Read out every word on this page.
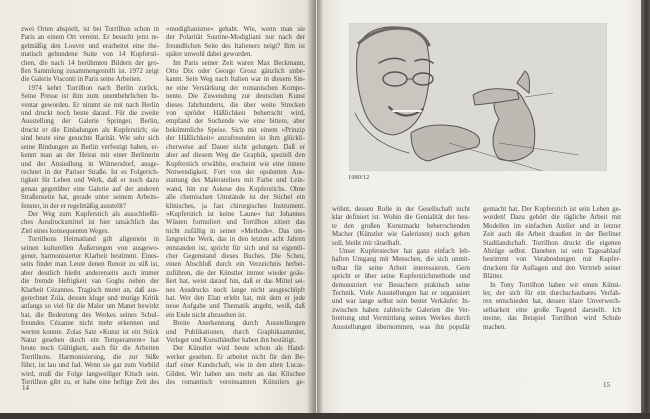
zwei Orten abspielt, ist bei Torrilhon schon in
Paris an einem Ort vereint. Er besucht jetzt re-
gelmäßig den Louvre und erarbeitet eine the-
matisch gebundene Suite von 14 Kupfersti-
chen, die nach 14 berühmten Bildern der gro-
ßen Sammlung zusammengestellt ist. 1972 zeigt
die Galerie Visconti in Paris seine Arbeiten.
1974 kehrt Torrilhon nach Berlin zurück.
Seine Presse ist ihm zum unentbehrlichen In-
ventar geworden. Er nimmt sie mit nach Berlin
und druckt noch heute darauf. Für die zweite
Ausstellung der Galerie Springer, Berlin,
druckt er die Einladungen als Kupferstich; sie
sind heute eine gesuchte Rarität. Wie sehr sich
seine Bindungen an Berlin verfestigt haben, er-
kennt man an der Heirat mit einer Berlinerin
und der Ansiedlung in Wilmersdorf, ausge-
rechnet in der Pariser Straße. Ist es Folgerich-
tigkeit für Leben und Werk, daß er noch dazu
genau gegenüber eine Galerie auf der anderen
Straßenseite hat, gerade unter seinem Arbeits-
fenster, in der er regelmäßig ausstellt?
Der Weg zum Kupferstich als ausschließli-
ches Ausdrucksmittel ist hier tatsächlich das
Ziel eines konsequenten Weges.
Torrilhons Heimatland gilt allgemein in
seinen kulturellen Äußerungen von ausgewo-
gener, harmonisierter Klarheit bestimmt. Eines-
seits findet man Leute denen Renoir zu süß ist,
aber deutlich bleibt andererseits auch immer
die fremde Heftigkeit van Goghs neben der
Klarheit Cézannes. Tragisch mutet an, daß aus-
gerechnet Zola, dessen kluge und mutige Kritik
anfangs so viel für die Maler um Manet bewirkt
hat, die Bedeutung des Werkes seines Schul-
freundes Cézanne nicht mehr erkennen und
werten konnte. Zolas Satz »Kunst ist ein Stück
Natur gesehen durch ein Temperament« hat
heute noch Gültigkeit, auch für die Arbeiten
Torrilhons. Harmonisierung, die zur Süße
führt, ist lau und fad. Wenn sie gar zum Vorbild
wird, muß die Folge langweiliger Kitsch sein.
Torrilhon gibt zu, er habe eine heftige Zeit des
»modiglianisme« gehabt. Wie, wenn man sie
der Polarität Soutine-Modigliani nur nach der
freundlichen Seite des Italieners neigt? Ihm ist
später unwohl dabei geworden.
Im Paris seiner Zeit waren Max Beckmann,
Otto Dix oder George Grosz gänzlich unbe-
kannt. Sein Weg nach Italien war in diesem Sin-
ne eine Verstärkung der romanischen Kompo-
nente. Die Zuwendung zur deutschen Kunst
dieses Jahrhunderts, die über weite Strecken
von spröder Häßlichkeit beherrscht wird,
empfand der Suchende wie eine bittere, aber
bekömmliche Speise. Sich mit einem »Prinzip
der Häßlichkeit« anzufreunden ist ihm glückli-
cherweise auf Dauer nicht gelungen. Daß er
aber auf diesem Weg die Graphik, speziell den
Kupferstich erwählte, erscheint wie eine innere
Notwendigkeit. Fort von der opulenten Aus-
stattung des Malerateliers mit Farbe und Lein-
wand, hin zur Askese des Kupferstichs. Ohne
alle chemischen Umstände ist der Stichel ein
klinisches, ja fast chirurgisches Instrument.
»Kupferstich ist keine Laune« hat Johannes
Wüsten formuliert und Torrilhon zitiert das
nicht zufällig in seiner »Methode«. Das um-
fangreiche Werk, das in den letzten acht Jahren
entstanden ist, spricht für sich und ist eigentli-
cher Gegenstand dieses Buches. Die Scheu,
einen Abschluß durch ein Verzeichnis herbei-
zuführen, die der Künstler immer wieder geäu-
ßert hat, weist darauf hin, daß er das Mittel sei-
nes Ausdrucks noch lange nicht ausgeschöpft
hat. Wer den Elan erlebt hat, mit dem er jede
neue Aufgabe und Thematik angeht, weiß, daß
ein Ende nicht abzusehen ist.
Breite Anerkennung durch Ausstellungen
und Publikationen, durch Graphiksammler,
Verleger und Kunsthändler haben ihn bestätigt.
Der Künstler wird heute schon als Hand-
werker gesehen. Er arbeitet nicht für den Be-
darf einer Kundschaft, wie in den alten Lucas-
Gilden. Wir haben uns mehr an das Klischee
des romantisch vereinsamten Künstlers ge-
14
1980/12
wöhnt, dessen Rolle in der Gesellschaft nicht
klar definiert ist. Wohin die Genialität der heu-
te den großen Kunstmarkt beherrschenden
Macher (Künstler wie Galeristen) noch gehen
soll, bleibt mir rätselhaft.
Unser Kupferstecher hat ganz einfach leb-
haften Umgang mit Menschen, die sich unmit-
telbar für seine Arbeit interessieren. Gern
spricht er über seine Kupferstichmethode und
demonstriert vor Besuchern praktisch seine
Technik. Viele Ausstellungen hat er organisiert
und war lange selbst sein bester Verkäufer. In-
zwischen haben zahlreiche Galerien die Ver-
breitung und Vermittlung seines Werkes durch
Ausstellungen übernommen, was ihn populär
gemacht hat. Der Kupferstich ist sein Leben ge-
worden! Dazu gehört die tägliche Arbeit mit
Modellen im einfachen Atelier und in letzter
Zeit auch die Arbeit draußen in der Berliner
Stadtlandschaft. Torrilhon druckt die eigenen
Abzüge selbst. Daneben ist sein Tagesablauf
bestimmt von Verabredungen mit Kupfer-
druckern für Auflagen und den Vertrieb seiner
Blätter.
In Tony Torrilhon haben wir einen Künst-
ler, der sich für ein durchschaubares Verfah-
ren entschieden hat, dessen klare Unverwech-
selbarkeit eine große Tugend darstellt. Ich
meine, das Beispiel Torrilhon wird Schule
machen.
15
